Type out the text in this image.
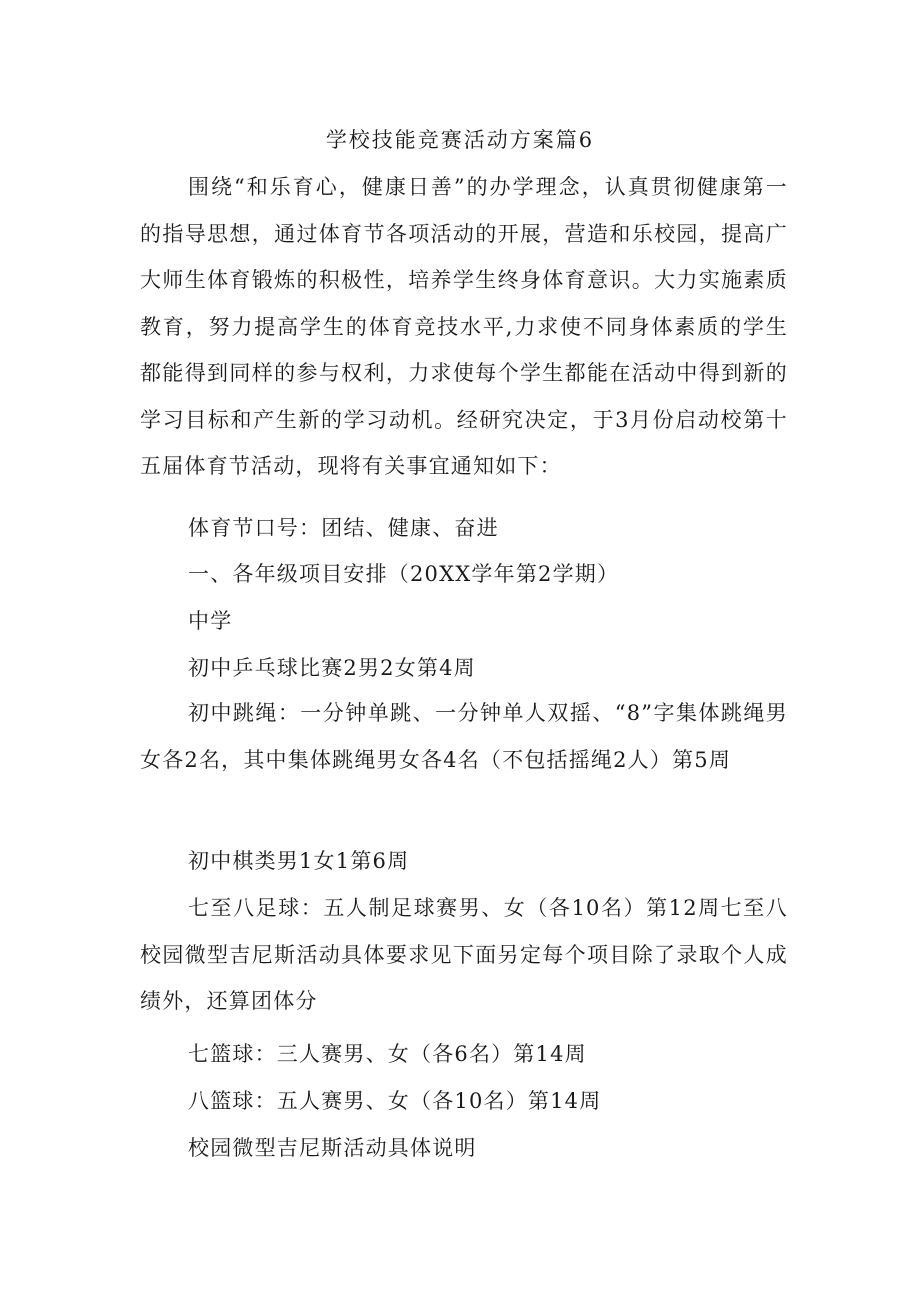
学校技能竞赛活动方案篇6

围绕“和乐育心，健康日善”的办学理念，认真贯彻健康第一的指导思想，通过体育节各项活动的开展，营造和乐校园，提高广大师生体育锻炼的积极性，培养学生终身体育意识。大力实施素质教育，努力提高学生的体育竞技水平,力求使不同身体素质的学生都能得到同样的参与权利，力求使每个学生都能在活动中得到新的学习目标和产生新的学习动机。经研究决定，于3月份启动校第十五届体育节活动，现将有关事宜通知如下：

体育节口号：团结、健康、奋进

一、各年级项目安排（20XX学年第2学期）

中学

初中乒乓球比赛2男2女第4周

初中跳绳：一分钟单跳、一分钟单人双摇、“8”字集体跳绳男女各2名，其中集体跳绳男女各4名（不包括摇绳2人）第5周

初中棋类男1女1第6周

七至八足球：五人制足球赛男、女（各10名）第12周七至八校园微型吉尼斯活动具体要求见下面另定每个项目除了录取个人成绩外，还算团体分

七篮球：三人赛男、女（各6名）第14周

八篮球：五人赛男、女（各10名）第14周

校园微型吉尼斯活动具体说明
